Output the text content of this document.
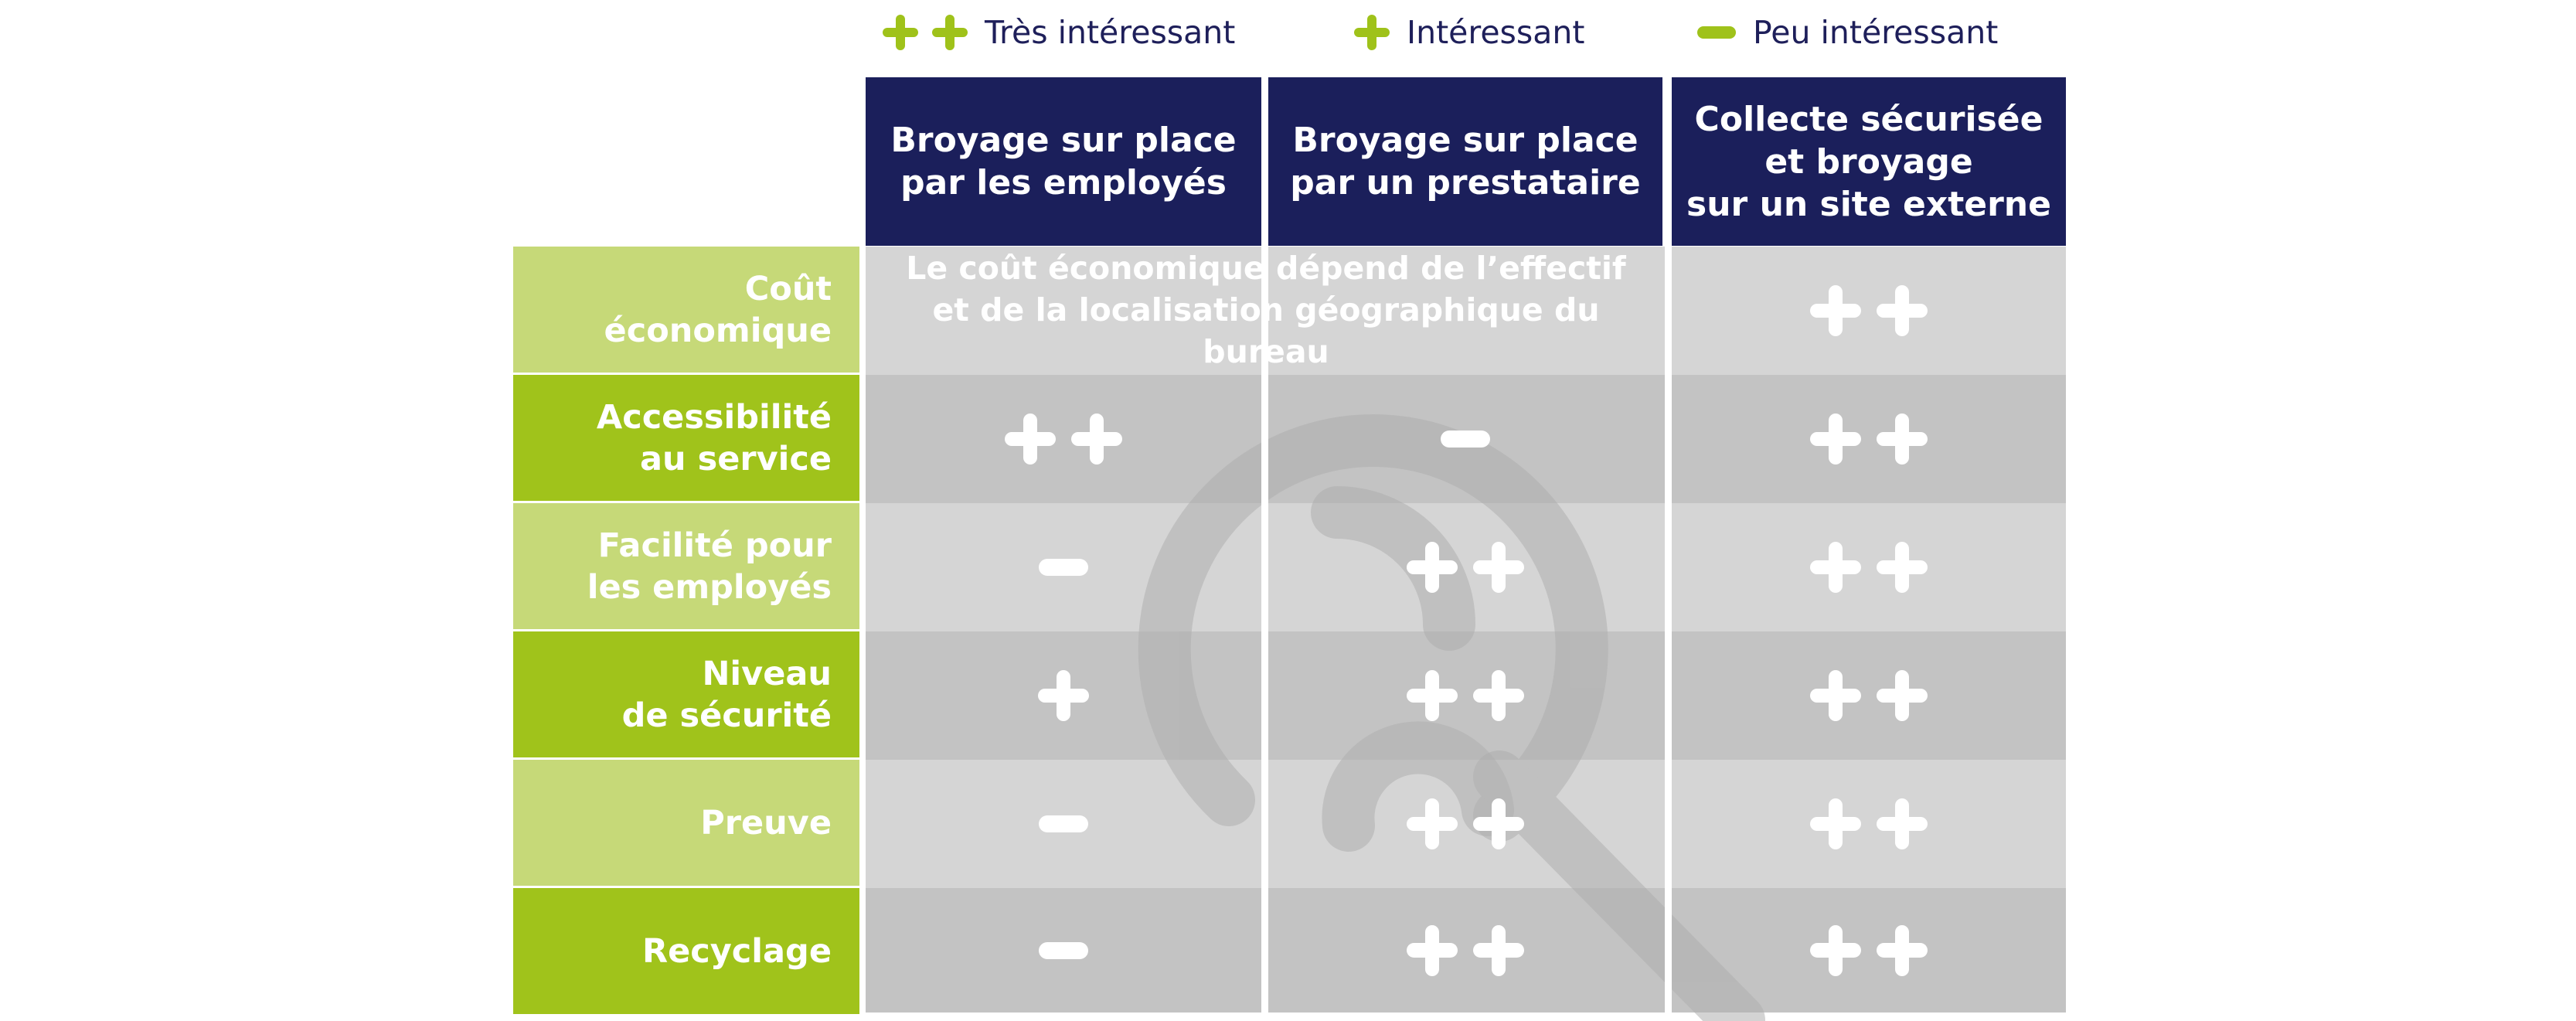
Très intéressant	Intéressant	Peu intéressant
Broyage sur place
par les employés
Broyage sur place
par un prestataire
Collecte sécurisée
et broyage
sur un site externe
Coût économique
Accessibilité
au service
Facilité pour
les employés
Niveau
de sécurité
Preuve
Recyclage
Le coût économique dépend de l’effectif
et de la localisation géographique du bureau
